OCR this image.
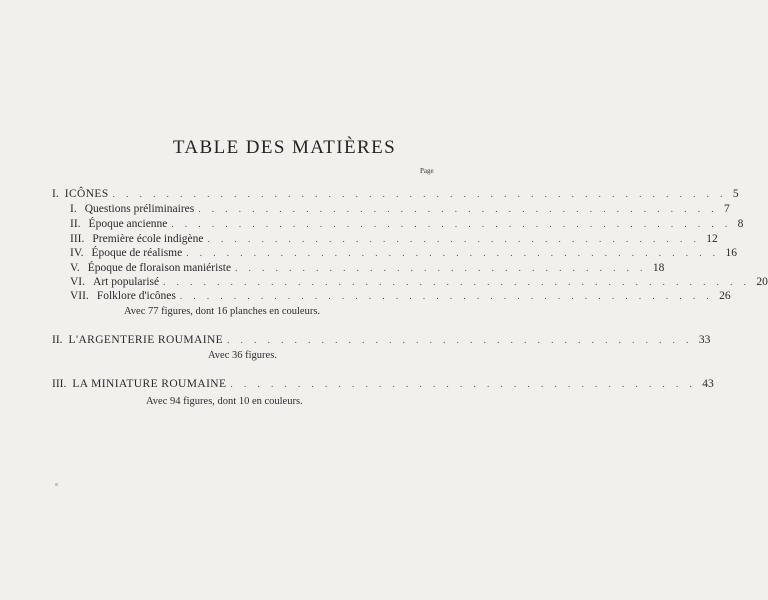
TABLE DES MATIÈRES
Page
I. ICÔNES . . . . . . . . . . . . . . . . . . . . . . . . . . . . . . . . . . . . . . . . . . . . . . 5
I. Questions préliminaires . . . . . . . . . . . . . . . . . . . . . . . . . . . . . . . . . . . . . . . 7
II. Époque ancienne . . . . . . . . . . . . . . . . . . . . . . . . . . . . . . . . . . . . . . . . . . 8
III. Première école indigène . . . . . . . . . . . . . . . . . . . . . . . . . . . . . . . . . . . . . 12
IV. Époque de réalisme . . . . . . . . . . . . . . . . . . . . . . . . . . . . . . . . . . . . . . . . 16
V. Époque de floraison maniériste . . . . . . . . . . . . . . . . . . . . . . . . . . . . . . . 18
VI. Art popularisé . . . . . . . . . . . . . . . . . . . . . . . . . . . . . . . . . . . . . . . . . . . . 20
VII. Folklore d'icônes . . . . . . . . . . . . . . . . . . . . . . . . . . . . . . . . . . . . . . . . 26
Avec 77 figures, dont 16 planches en couleurs.
II. L'ARGENTERIE ROUMAINE . . . . . . . . . . . . . . . . . . . . . . . . . . . . . . . . . . . 33
Avec 36 figures.
III. LA MINIATURE ROUMAINE . . . . . . . . . . . . . . . . . . . . . . . . . . . . . . . . . . . 43
Avec 94 figures, dont 10 en couleurs.
